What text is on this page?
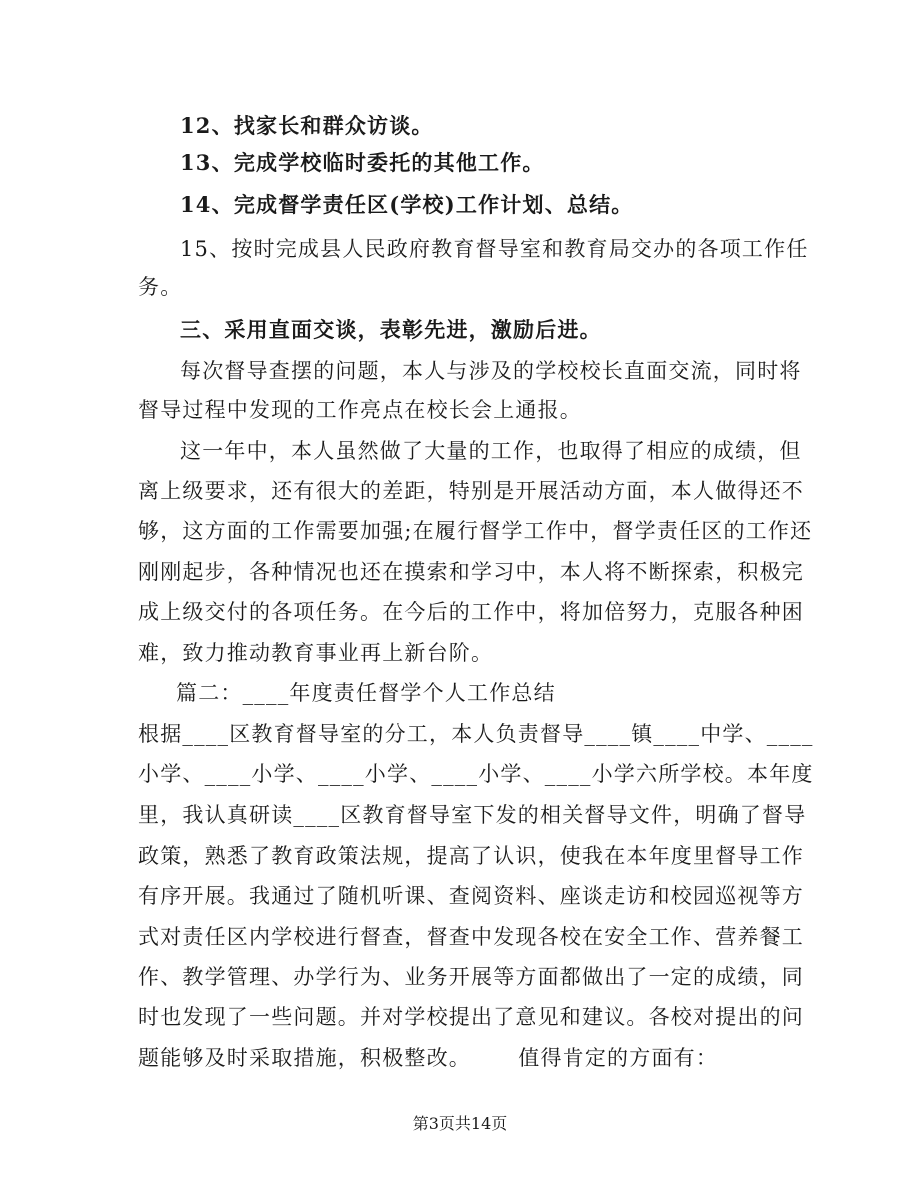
12、找家长和群众访谈。
13、完成学校临时委托的其他工作。
14、完成督学责任区(学校)工作计划、总结。
15、按时完成县人民政府教育督导室和教育局交办的各项工作任
务。
三、采用直面交谈，表彰先进，激励后进。
每次督导查摆的问题，本人与涉及的学校校长直面交流，同时将
督导过程中发现的工作亮点在校长会上通报。
这一年中，本人虽然做了大量的工作，也取得了相应的成绩，但
离上级要求，还有很大的差距，特别是开展活动方面，本人做得还不
够，这方面的工作需要加强;在履行督学工作中，督学责任区的工作还
刚刚起步，各种情况也还在摸索和学习中，本人将不断探索，积极完
成上级交付的各项任务。在今后的工作中，将加倍努力，克服各种困
难，致力推动教育事业再上新台阶。
篇二：____年度责任督学个人工作总结
根据____区教育督导室的分工，本人负责督导____镇____中学、____
小学、____小学、____小学、____小学、____小学六所学校。本年度
里，我认真研读____区教育督导室下发的相关督导文件，明确了督导
政策，熟悉了教育政策法规，提高了认识，使我在本年度里督导工作
有序开展。我通过了随机听课、查阅资料、座谈走访和校园巡视等方
式对责任区内学校进行督查，督查中发现各校在安全工作、营养餐工
作、教学管理、办学行为、业务开展等方面都做出了一定的成绩，同
时也发现了一些问题。并对学校提出了意见和建议。各校对提出的问
题能够及时采取措施，积极整改。      值得肯定的方面有：
第3页共14页
